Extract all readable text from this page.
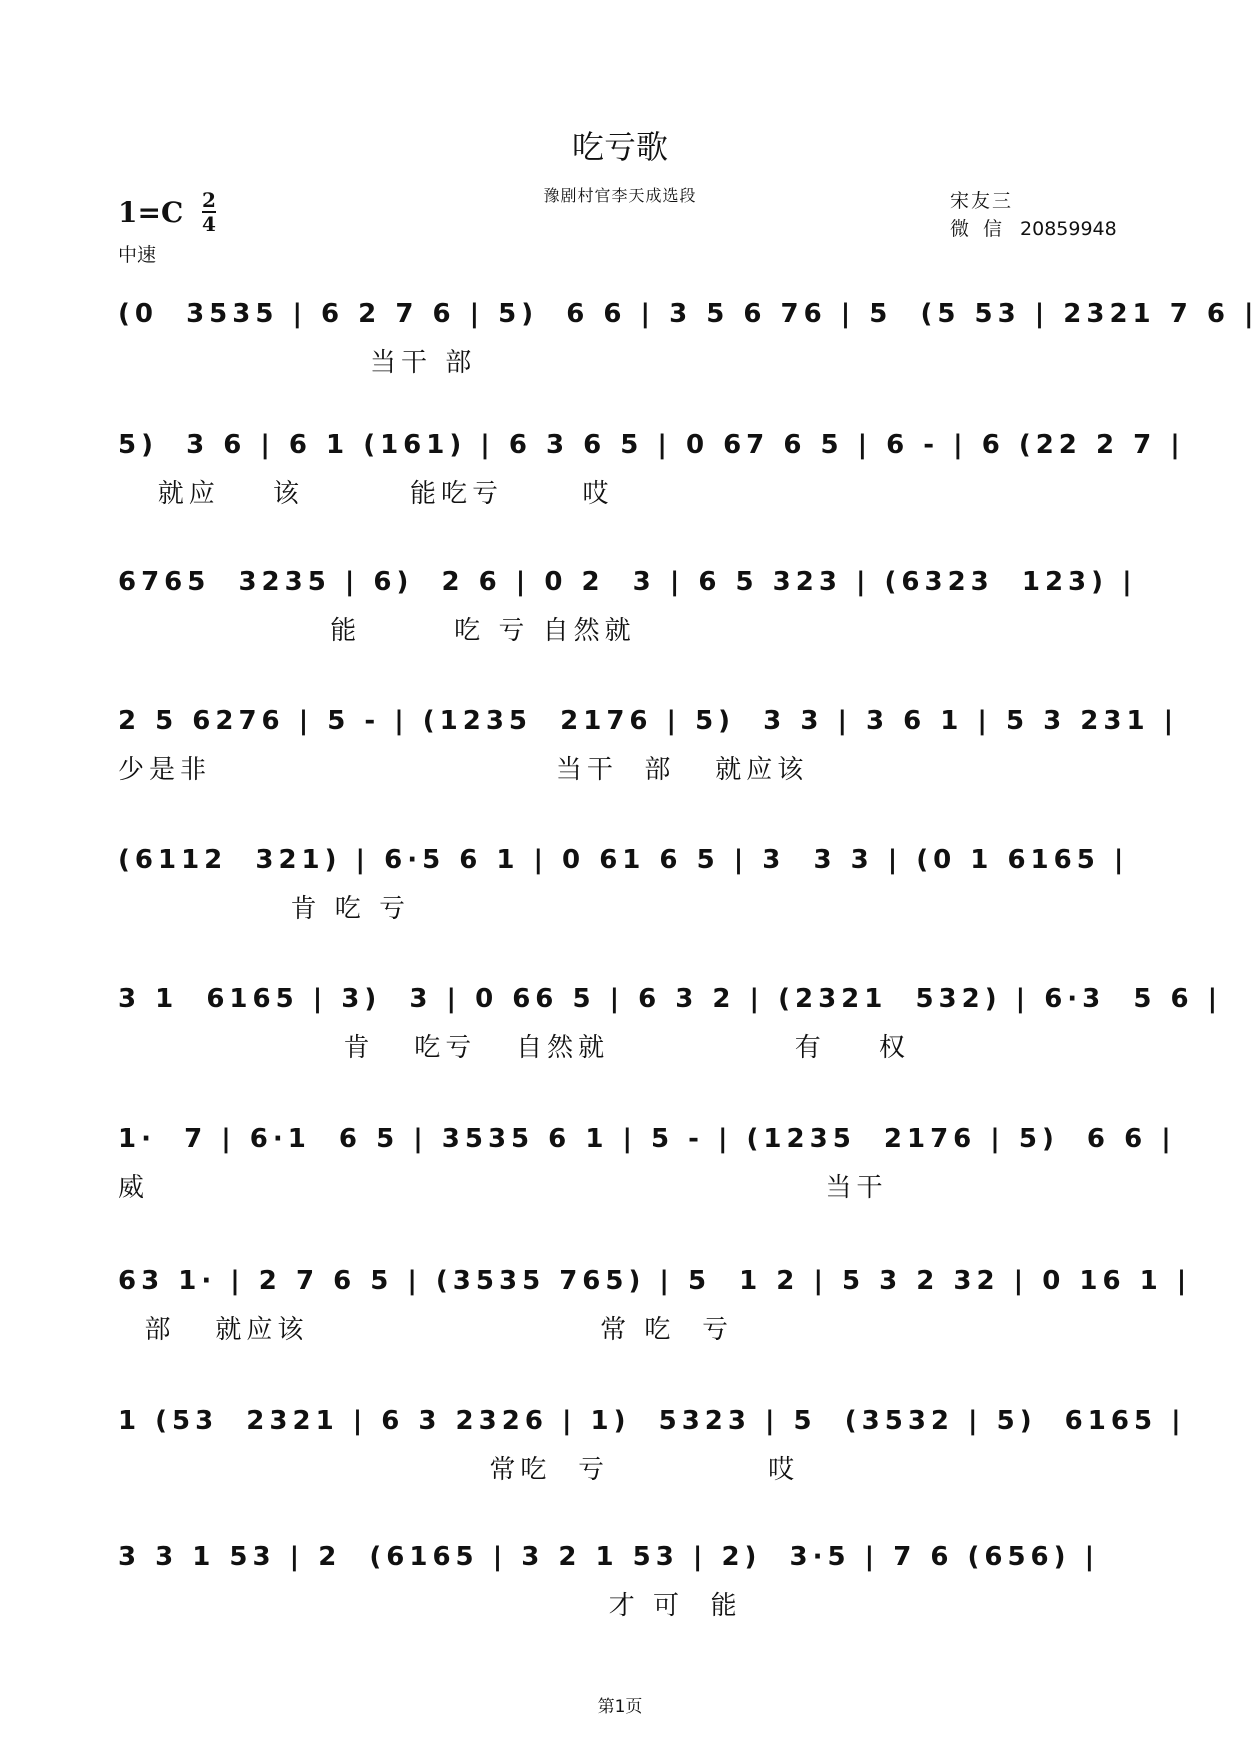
吃亏歌
豫剧村官李天成选段
1=C 2
4
中速
宋友三
微信 20859948
(0  3535 | 6 2 7 6 | 5)  6 6 | 3 5 6 76 | 5  (5 53 | 2321 7 6 |
当干 部
5)  3 6 | 6 1 (161) | 6 3 6 5 | 0 67 6 5 | 6 - | 6 (22 2 7 |
就应    该        能吃亏      哎
6765  3235 | 6)  2 6 | 0 2  3 | 6 5 323 | (6323  123) |
能       吃 亏 自然就
2 5 6276 | 5 - | (1235  2176 | 5)  3 3 | 3 6 1 | 5 3 231 |
少是非                          当干  部   就应该
(6112  321) | 6·5 6 1 | 0 61 6 5 | 3  3 3 | (0 1 6165 |
肯 吃 亏
3 1  6165 | 3)  3 | 0 66 5 | 6 3 2 | (2321  532) | 6·3  5 6 |
肯   吃亏   自然就              有    权
1·  7 | 6·1  6 5 | 3535 6 1 | 5 - | (1235  2176 | 5)  6 6 |
威                                                   当干
63 1· | 2 7 6 5 | (3535 765) | 5  1 2 | 5 3 2 32 | 0 16 1 |
部   就应该                      常 吃  亏
1 (53  2321 | 6 3 2326 | 1)  5323 | 5  (3532 | 5)  6165 |
常吃  亏            哎
3 3 1 53 | 2  (6165 | 3 2 1 53 | 2)  3·5 | 7 6 (656) |
才 可  能
第1页
